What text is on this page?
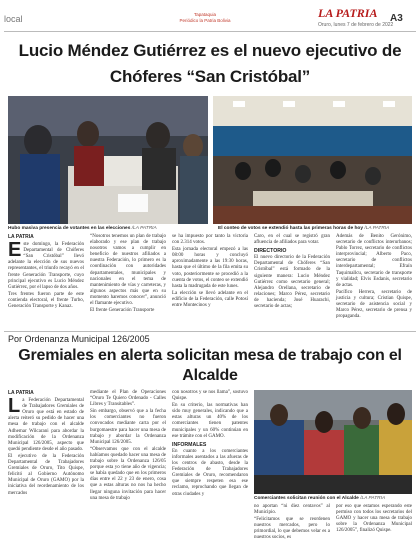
local	Tapataquia
Periódico la Patria Bolivia	LA PATRIA
Oruro, lunes 7 de febrero de 2022
A3
Lucio Méndez Gutiérrez es el nuevo ejecutivo de Chóferes “San Cristóbal”
Hubo masiva presencia de votantes en las elecciones /LA PATRIA	El conteo de votos se extendió hasta las primeras horas de hoy /LA PATRIA
LA PATRIA
E ste domingo, la Federación Departamental de Chóferes “San Cristóbal” llevó adelante la elección de sus nuevos representantes, el triunfo recayó en el frente Generación Transporte, cuyo principal ejecutivo es Lucio Méndez Gutiérrez, por el lapso de dos años.

Tres frentes fueron parte de este contienda electoral, el frente Turbo, Generación Transporte y Kanaz.

“Nosotros tenemos un plan de trabajo elaborado y ese plan de trabajo nosotros vamos a cumplir en beneficio de nuestros afiliados a nuestra Federación, lo primero es la coordinación con autoridades departamentales, municipales y nacionales en el tema de mantenimiento de vías y carreteras, y algunos aspectos más que en su momento haremos conocer”, anunció el flamante ejecutivo.

El frente Generación Transporte

se ha impuesto por tanto la victoria con 2.314 votos.

Esta jornada electoral empezó a las 08:00 horas y concluyó aproximadamente a las 19:30 horas, hasta que el último de la fila emita su voto, posteriormente se procedió a la cuenta de votos, el conteo se extendió hasta la madrugada de este lunes.

La elección se llevó adelante en el edificio de la Federación, calle Potosí entre Montecinos y

Caro, en el cual se registró gran afluencia de afiliados para votar.

DIRECTORIO

El nuevo directorio de la Federación Departamental de Chóferes “San Cristóbal” está formado de la siguiente manera: Lucio Méndez Gutiérrez como secretario general; Alejandro Orellana, secretario de relaciones; Marco Pérez, secretario de hacienda; José Huarachi, secretario de actas;

Además de Benito Gerónimo, secretario de conflictos interurbanos; Pablo Torrez, secretario de conflictos interprovincial; Alberto Paco, secretario de conflictos interdepartamental; Efraín Taquimallcu, secretario de transporte y vialidad; Elvis Esdanis, secretario de actas.

Pacífico Herrera, secretario de justicia y cultura; Cristian Quispe, secretario de asistencia social y Marco Pérez, secretario de prensa y propaganda.

Por Ordenanza Municipal 126/2005
Gremiales en alerta solicitan mesa de trabajo con el Alcalde
LA PATRIA
L a Federación Departamental de Trabajadores Gremiales de Oruro que está en estado de alerta reiteró su pedido de hacer una mesa de trabajo con el alcalde Adhemar Wilcarani para abordar la modificación de la Ordenanza Municipal 126/2005, aspecto que quedó pendiente desde el año pasado.

El ejecutivo de la Federación Departamental de Trabajadores Gremiales de Oruro, Tito Quispe, felicitó al Gobierno Autónomo Municipal de Oruro (GAMO) por la iniciativa del reordenamiento de los mercados

mediante el Plan de Operaciones “Oruro Te Quiero Ordenado - Calles Libres y Transitables”.

Sin embargo, observó que a la fecha los comerciantes no fueron convocados mediante carta por el burgomaestre para hacer una mesa de trabajo y abordar la Ordenanza Municipal 126/2005.

“Observamos que con el alcalde habíamos quedado hacer una mesa de trabajo sobre la Ordenanza 126/05 porque esta yo tiene año de vigencia; se había quedado que en los primeros días entre el 22 y 23 de enero, cosa que a estas alturas no nos ha hecho llegar ninguna invitación para hacer una mesa de trabajo

con nosotros y se nos llama”, sostuvo Quispe.

En su criterio, las normativas han sido muy generales, indicando que a estas alturas un 40% de los comerciantes tienen patentes municipales y un 60% continúan en ese trámite con el GAMO.

INFORMALES

En cuanto a los comerciantes informales asentados a las afueras de los centros de abasto, desde la Federación de Trabajadores Gremiales de Oruro, recomendaron que siempre respeten esa ese reclamo, reprochando que llegan de otras ciudades y

Comerciantes solicitan reunión con el Alcalde /LA PATRIA

no aportan “ni diez centavos” al Municipio.

“Felicitamos que se reordenen nuestros mercados, pero lo primordial, lo que debemos velar es a nuestros socios, es

por eso que estamos esperando este permiso con todos los secretarios del GAMO y hacer una mesa de trabajo sobre la Ordenanza Municipal 126/2005”, finalizó Quispe.
